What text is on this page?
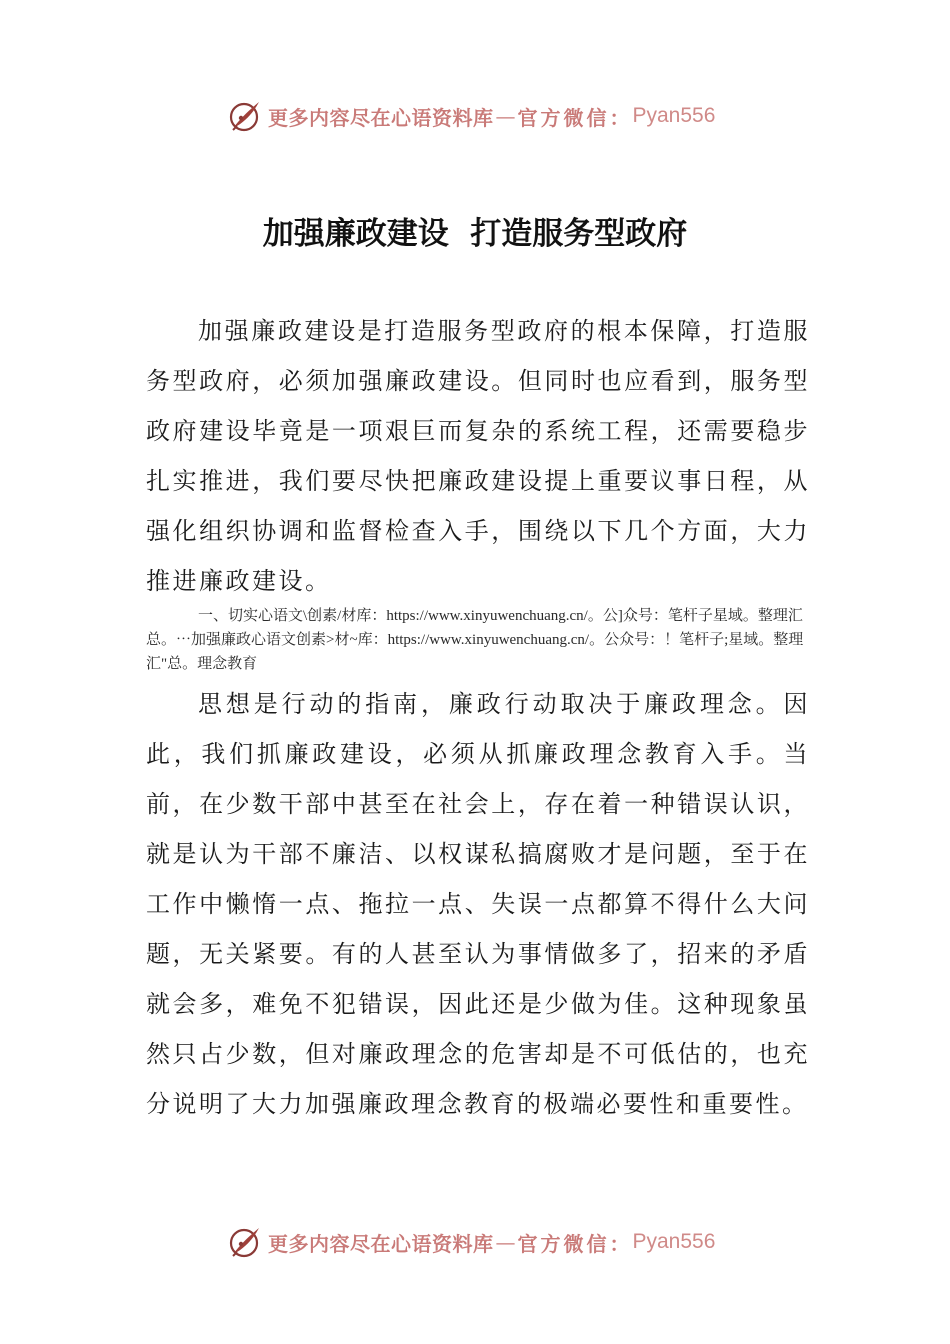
更多内容尽在心语资料库 — 官方微信： Pyan556
加强廉政建设  打造服务型政府

加强廉政建设是打造服务型政府的根本保障，打造服务型政府，必须加强廉政建设。但同时也应看到，服务型政府建设毕竟是一项艰巨而复杂的系统工程，还需要稳步扎实推进，我们要尽快把廉政建设提上重要议事日程，从强化组织协调和监督检查入手，围绕以下几个方面，大力推进廉政建设。

一、切实心语文\创素/材库：https://www.xinyuwenchuang.cn/。公]众号：笔杆子星域。整理汇总。⋯加强廉政心语文创素>材~库：https://www.xinyuwenchuang.cn/。公众号：！笔杆子;星域。整理汇"总。理念教育

思想是行动的指南，廉政行动取决于廉政理念。因此，我们抓廉政建设，必须从抓廉政理念教育入手。当前，在少数干部中甚至在社会上，存在着一种错误认识，就是认为干部不廉洁、以权谋私搞腐败才是问题，至于在工作中懒惰一点、拖拉一点、失误一点都算不得什么大问题，无关紧要。有的人甚至认为事情做多了，招来的矛盾就会多，难免不犯错误，因此还是少做为佳。这种现象虽然只占少数，但对廉政理念的危害却是不可低估的，也充分说明了大力加强廉政理念教育的极端必要性和重要性。

更多内容尽在心语资料库 — 官方微信： Pyan556
